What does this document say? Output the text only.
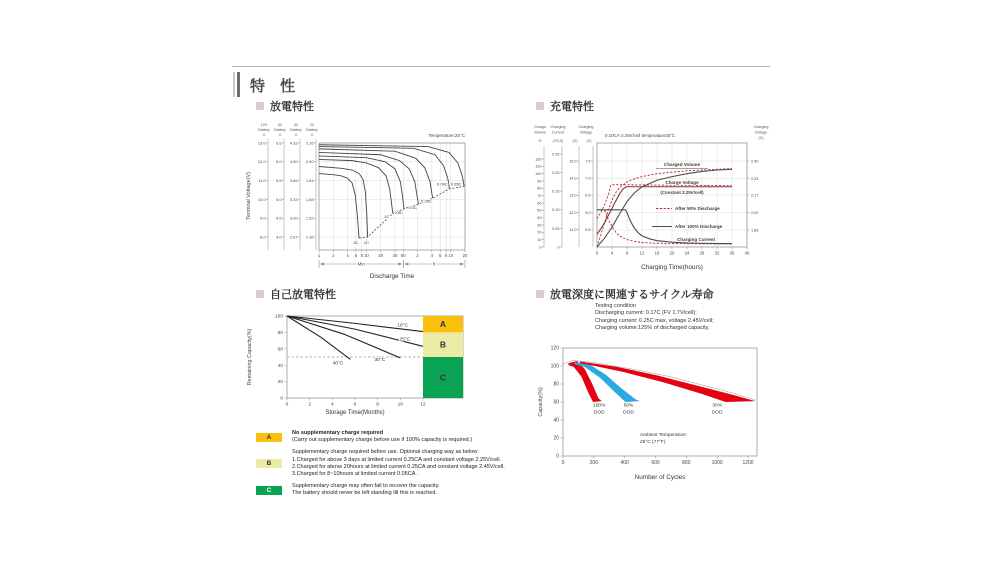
特　性
放電特性	充電特性
自己放電特性	放電深度に関連するサイクル寿命
12V
Battery
V
13.0
12.0
11.0
10.0
9.0
8.0
6V
Battery
V
6.5
6.0
5.5
5.0
4.5
4.0
4V
Battery
V
4.33
4.00
3.66
3.33
3.00
2.67
2V
Battery
V
2.16
2.00
1.84
1.68
1.52
1.36
Terminal Voltage(V)
1	2	4 6 8 10 20 40 60	2	4 6 8 10 20
Min	h
Discharge Time
Temperature:25°C
3C 2C
1C
0.6C
0.4C
0.25C
0.09C 0.05C
Charge
Volume
%
0
10
20
30
40
50
60
70
80
90
100
110
120
Charging
Current
(XCA)
0
0.05
0.10
0.15
0.20
0.25
Charging
Voltage
(V)
11.0
12.0
13.0
14.0
15.0
(V)
5.5
6.0
6.5
7.0
7.5
Charging
Voltage
(V)
1.83
2.00
2.17
2.33
2.50
0	4	8	12 16 20 24 28 32 36 40
Charging Time(hours)
0.10CA-2.25V/cell temperature25°C
Charged Volume
Charge Voltage
(Constant 2.25V/cell)
After 50% Discharge
After 100% Discharge
Charging Current
A
B
C
0	2	4	6	8	10	12
0
20
40
60
80
100
Storage Time(Months)
Remaining Capacity(%)
10°C
25°C
30°C
40°C
100%
DOD
50%
DOD
30%
DOD
0	200	400	600	800	1000	1200
0
20
40
60
80
100
120
Number of Cycles
Capacity(%)
Ambient Temperature:
25°C (77°F)
Testing condition
Discharging current: 0.17C (FV 1.7V/cell);
Charging current: 0.25C max, voltage 2.45V/cell;
Charging volume:125% of discharged capacity.
A
No supplementary charge required
(Carry out supplementary charge before use if 100% capacity is required.)
B
Supplementary charge required before use. Optional charging way as below:
1.Charged for above 3 days at limited current 0.25CA and constant voltage 2.25V/cell.
2.Charged for above 20hours at limited current 0.25CA and constant voltage 2.45V/cell.
3.Charged for 8~10hours at limited current 0.05CA .
C
Supplementary charge may often fail to recover the capacity.
The battery should never be left standing till this is reached.
